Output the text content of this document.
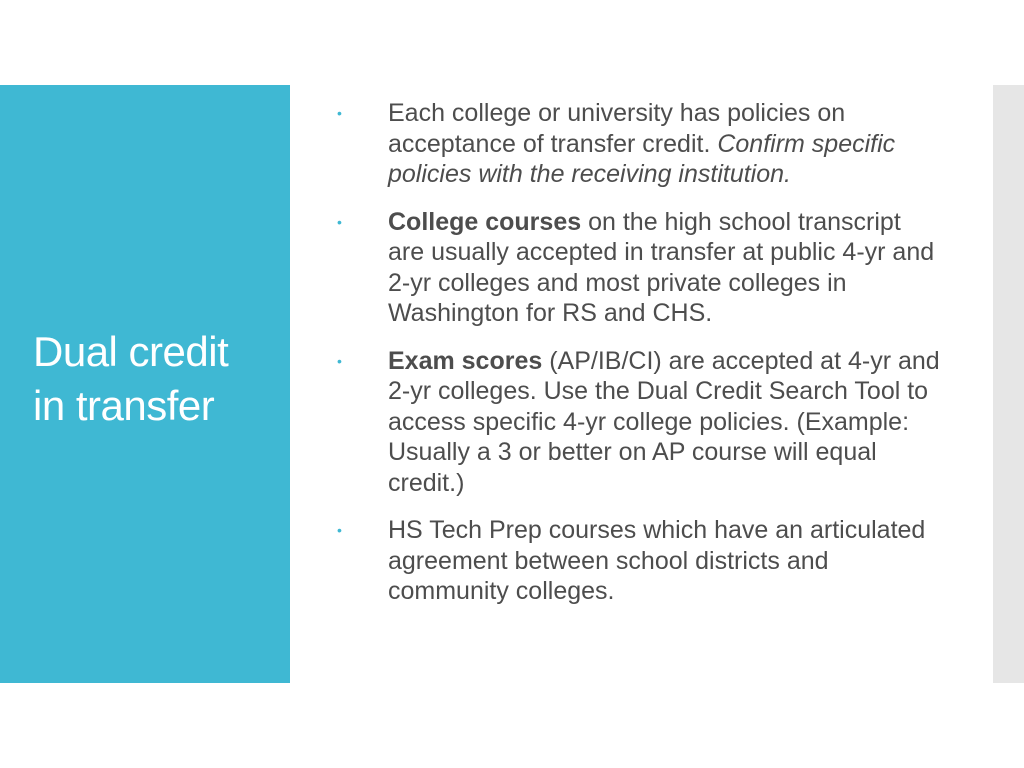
Dual credit
in transfer
• Each college or university has policies on acceptance of transfer credit. Confirm specific policies with the receiving institution.
• College courses on the high school transcript are usually accepted in transfer at public 4-yr and 2-yr colleges and most private colleges in Washington for RS and CHS.
• Exam scores (AP/IB/CI) are accepted at 4-yr and 2-yr colleges. Use the Dual Credit Search Tool to access specific 4-yr college policies. (Example: Usually a 3 or better on AP course will equal credit.)
• HS Tech Prep courses which have an articulated agreement between school districts and community colleges.
